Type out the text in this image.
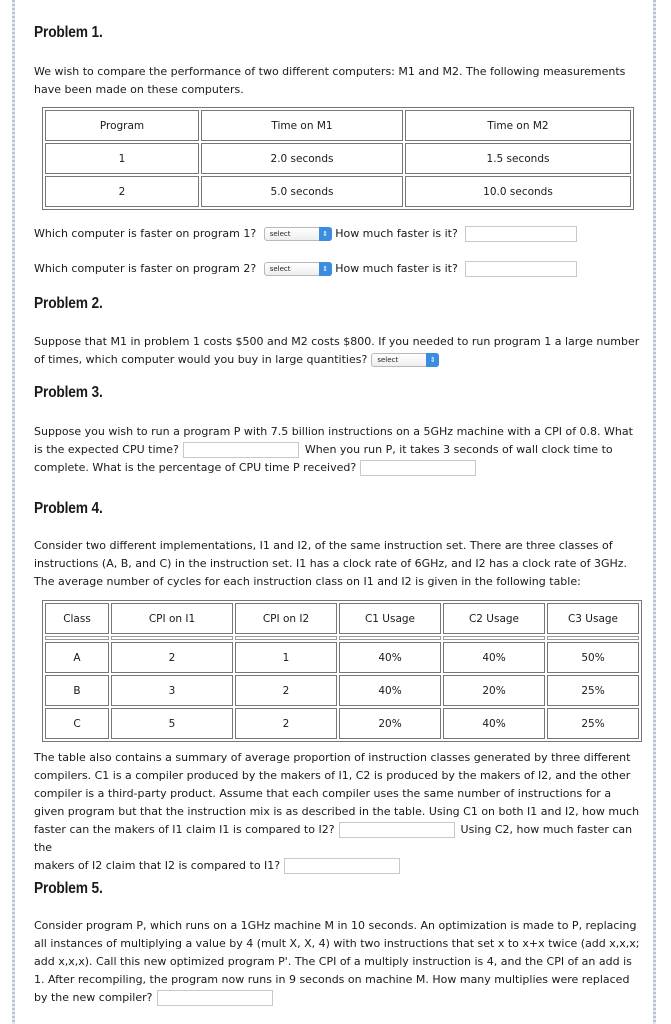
Problem 1.

We wish to compare the performance of two different computers: M1 and M2. The following measurements have been made on these computers.

Program	Time on M1	Time on M2
1	2.0 seconds	1.5 seconds
2	5.0 seconds	10.0 seconds
Which computer is faster on program 1? select	⇕ How much faster is it?
Which computer is faster on program 2? select	⇕ How much faster is it?
Problem 2.

Suppose that M1 in problem 1 costs $500 and M2 costs $800. If you needed to run program 1 a large number of times, which computer would you buy in large quantities? select	⇕

Problem 3.

Suppose you wish to run a program P with 7.5 billion instructions on a 5GHz machine with a CPI of 0.8. What is the expected CPU time?	When you run P, it takes 3 seconds of wall clock time to
complete. What is the percentage of CPU time P received?

Problem 4.

Consider two different implementations, I1 and I2, of the same instruction set. There are three classes of instructions (A, B, and C) in the instruction set. I1 has a clock rate of 6GHz, and I2 has a clock rate of 3GHz. The average number of cycles for each instruction class on I1 and I2 is given in the following table:

Class	CPI on I1	CPI on I2	C1 Usage	C2 Usage	C3 Usage

A	2	1	40%	40%	50%
B	3	2	40%	20%	25%
C	5	2	20%	40%	25%

The table also contains a summary of average proportion of instruction classes generated by three different compilers. C1 is a compiler produced by the makers of I1, C2 is produced by the makers of I2, and the other compiler is a third-party product. Assume that each compiler uses the same number of instructions for a given program but that the instruction mix is as described in the table. Using C1 on both I1 and I2, how much faster can the makers of I1 claim I1 is compared to I2?	Using C2, how much faster can the
makers of I2 claim that I2 is compared to I1?

Problem 5.

Consider program P, which runs on a 1GHz machine M in 10 seconds. An optimization is made to P, replacing all instances of multiplying a value by 4 (mult X, X, 4) with two instructions that set x to x+x twice (add x,x,x; add x,x,x). Call this new optimized program P'. The CPI of a multiply instruction is 4, and the CPI of an add is 1. After recompiling, the program now runs in 9 seconds on machine M. How many multiplies were replaced by the new compiler?
